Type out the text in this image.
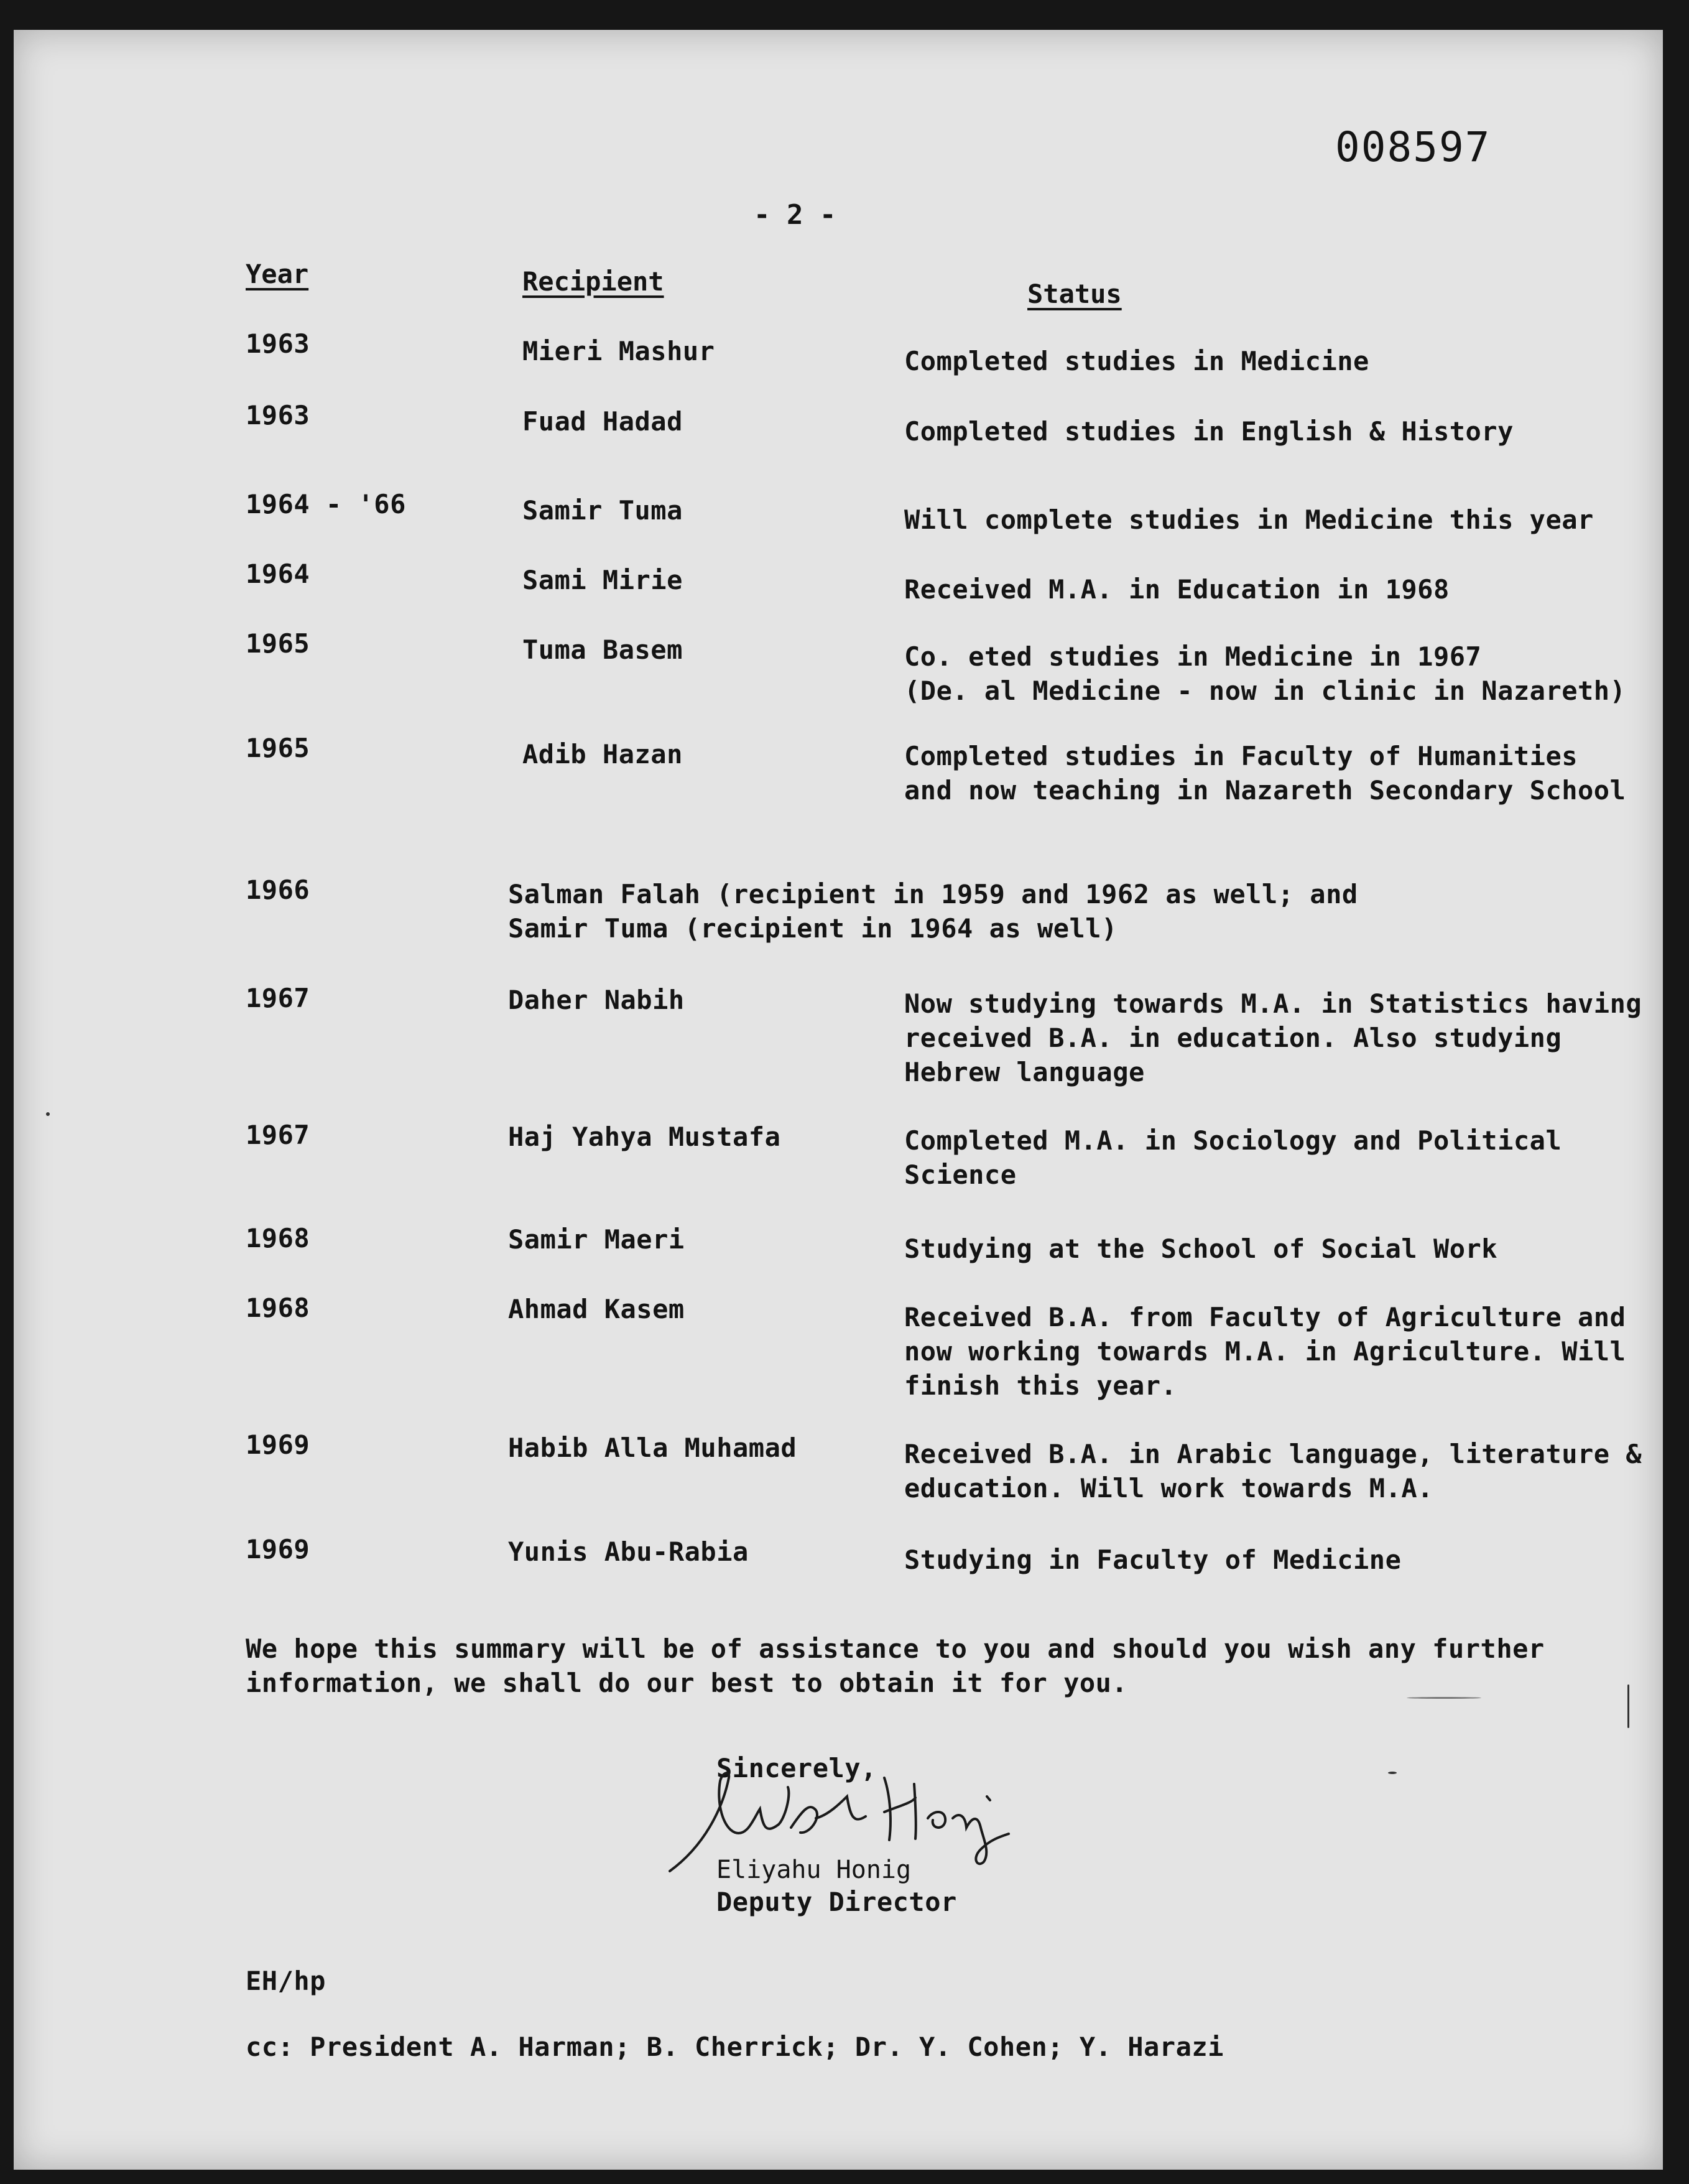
008597
- 2 -
Year	Recipient	Status
1963	Mieri Mashur	Completed studies in Medicine
1963	Fuad Hadad	Completed studies in English & History
1964 - '66	Samir Tuma	Will complete studies in Medicine this year
1964	Sami Mirie	Received M.A. in Education in 1968
1965	Tuma Basem	Co. eted studies in Medicine in 1967
(De. al Medicine - now in clinic in Nazareth)
1965	Adib Hazan	Completed studies in Faculty of Humanities
and now teaching in Nazareth Secondary School
1966	Salman Falah (recipient in 1959 and 1962 as well; and
Samir Tuma (recipient in 1964 as well)
1967	Daher Nabih	Now studying towards M.A. in Statistics having
received B.A. in education. Also studying
Hebrew language
1967	Haj Yahya Mustafa	Completed M.A. in Sociology and Political
Science
1968	Samir Maeri	Studying at the School of Social Work
1968	Ahmad Kasem	Received B.A. from Faculty of Agriculture and
now working towards M.A. in Agriculture. Will
finish this year.
1969	Habib Alla Muhamad	Received B.A. in Arabic language, literature &
education. Will work towards M.A.
1969	Yunis Abu-Rabia	Studying in Faculty of Medicine
We hope this summary will be of assistance to you and should you wish any further
information, we shall do our best to obtain it for you.
Sincerely,
Eliyahu Honig
Deputy Director
EH/hp
cc: President A. Harman; B. Cherrick; Dr. Y. Cohen; Y. Harazi
